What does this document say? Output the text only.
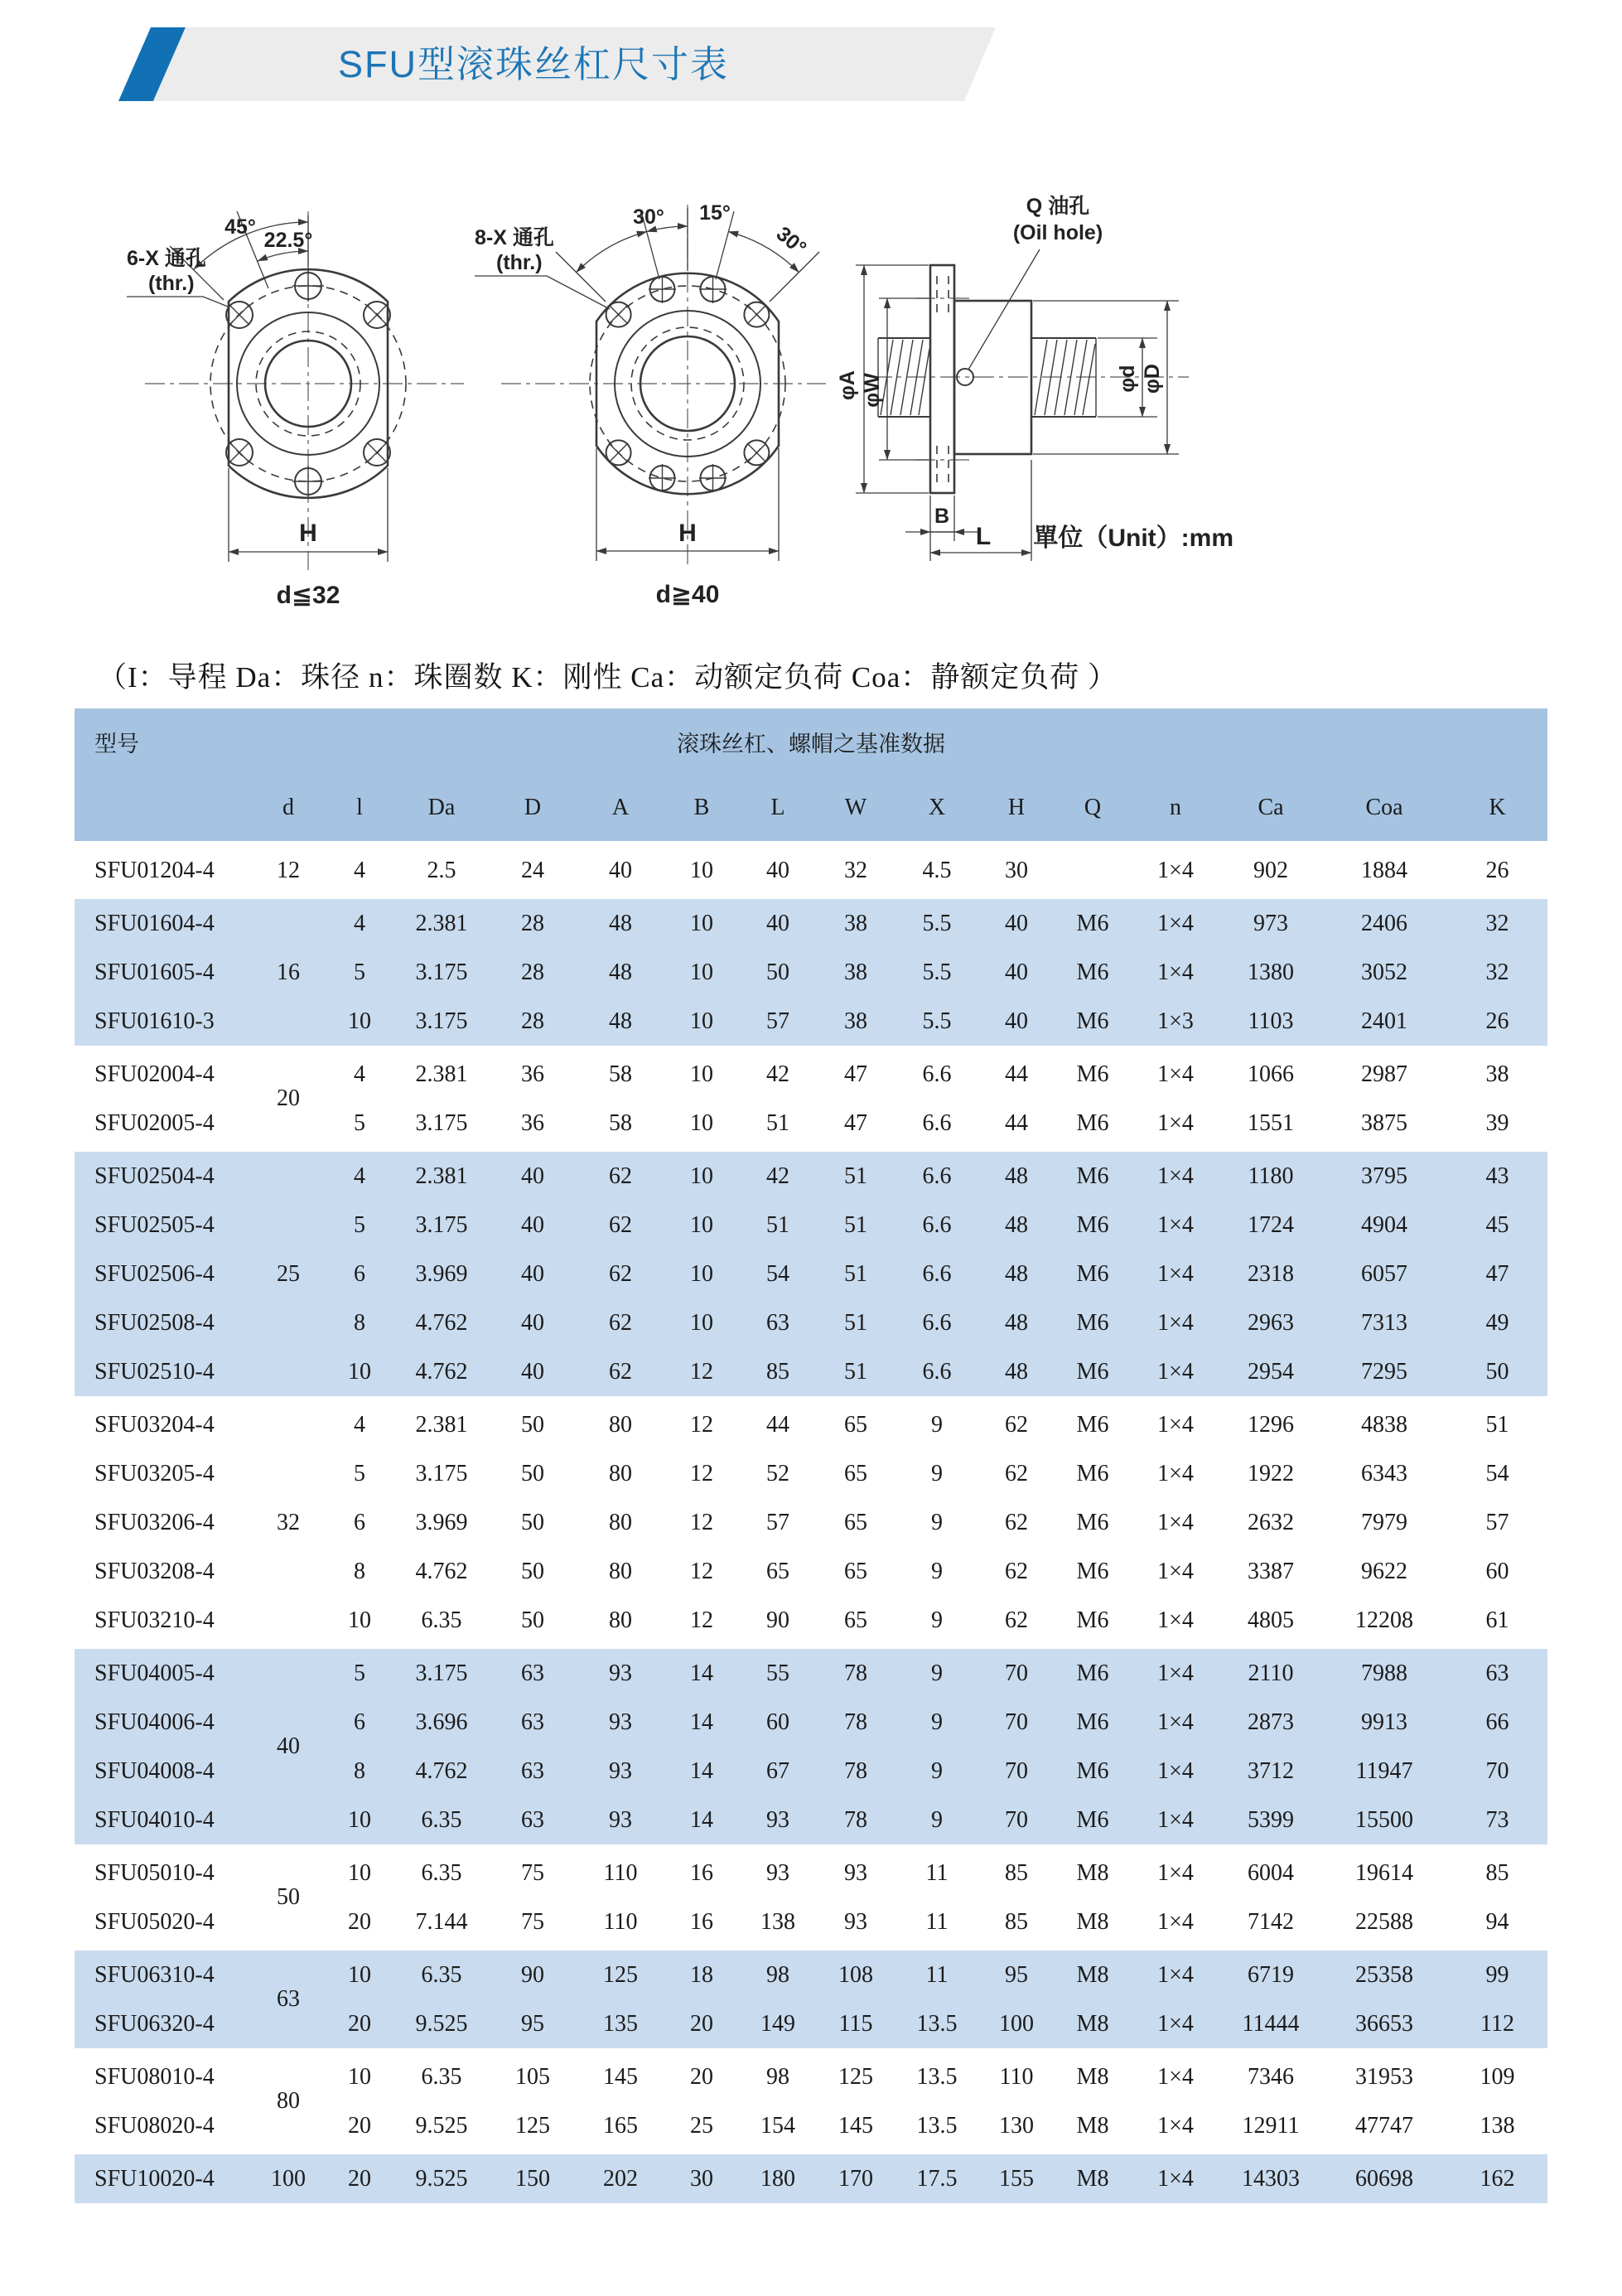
SFU型滚珠丝杠尺寸表
45°
22.5°
6-X 通孔
(thr.)
H
d≦32
8-X 通孔
(thr.)
30° 15°
30°
H
d≧40
Q 油孔
(Oil hole)
φA φW	φd φD
B
L 單位（Unit）:mm
（I：导程 Da：珠径 n：珠圈数 K：刚性 Ca：动额定负荷 Coa：静额定负荷 ）
型号 滚珠丝杠、螺帽之基准数据															

	d	l	Da	D	A	B	L	W	X	H	Q	n	Ca	Coa	K
SFU01204-4	12	4	2.5	24	40	10	40	32	4.5	30		1×4	902	1884	26
SFU01604-4	16	4	2.381	28	48	10	40	38	5.5	40	M6	1×4	973	2406	32
SFU01605-4		5	3.175	28	48	10	50	38	5.5	40	M6	1×4	1380	3052	32
SFU01610-3		10	3.175	28	48	10	57	38	5.5	40	M6	1×3	1103	2401	26
SFU02004-4	20	4	2.381	36	58	10	42	47	6.6	44	M6	1×4	1066	2987	38
SFU02005-4		5	3.175	36	58	10	51	47	6.6	44	M6	1×4	1551	3875	39
SFU02504-4	25	4	2.381	40	62	10	42	51	6.6	48	M6	1×4	1180	3795	43
SFU02505-4		5	3.175	40	62	10	51	51	6.6	48	M6	1×4	1724	4904	45
SFU02506-4		6	3.969	40	62	10	54	51	6.6	48	M6	1×4	2318	6057	47
SFU02508-4		8	4.762	40	62	10	63	51	6.6	48	M6	1×4	2963	7313	49
SFU02510-4		10	4.762	40	62	12	85	51	6.6	48	M6	1×4	2954	7295	50
SFU03204-4	32	4	2.381	50	80	12	44	65	9	62	M6	1×4	1296	4838	51
SFU03205-4		5	3.175	50	80	12	52	65	9	62	M6	1×4	1922	6343	54
SFU03206-4		6	3.969	50	80	12	57	65	9	62	M6	1×4	2632	7979	57
SFU03208-4		8	4.762	50	80	12	65	65	9	62	M6	1×4	3387	9622	60
SFU03210-4		10	6.35	50	80	12	90	65	9	62	M6	1×4	4805	12208	61
SFU04005-4	40	5	3.175	63	93	14	55	78	9	70	M6	1×4	2110	7988	63
SFU04006-4		6	3.696	63	93	14	60	78	9	70	M6	1×4	2873	9913	66
SFU04008-4		8	4.762	63	93	14	67	78	9	70	M6	1×4	3712	11947	70
SFU04010-4		10	6.35	63	93	14	93	78	9	70	M6	1×4	5399	15500	73
SFU05010-4	50	10	6.35	75	110	16	93	93	11	85	M8	1×4	6004	19614	85
SFU05020-4		20	7.144	75	110	16	138	93	11	85	M8	1×4	7142	22588	94
SFU06310-4	63	10	6.35	90	125	18	98	108	11	95	M8	1×4	6719	25358	99
SFU06320-4		20	9.525	95	135	20	149	115	13.5	100	M8	1×4	11444	36653	112
SFU08010-4	80	10	6.35	105	145	20	98	125	13.5	110	M8	1×4	7346	31953	109
SFU08020-4		20	9.525	125	165	25	154	145	13.5	130	M8	1×4	12911	47747	138
SFU10020-4	100	20	9.525	150	202	30	180	170	17.5	155	M8	1×4	14303	60698	162
